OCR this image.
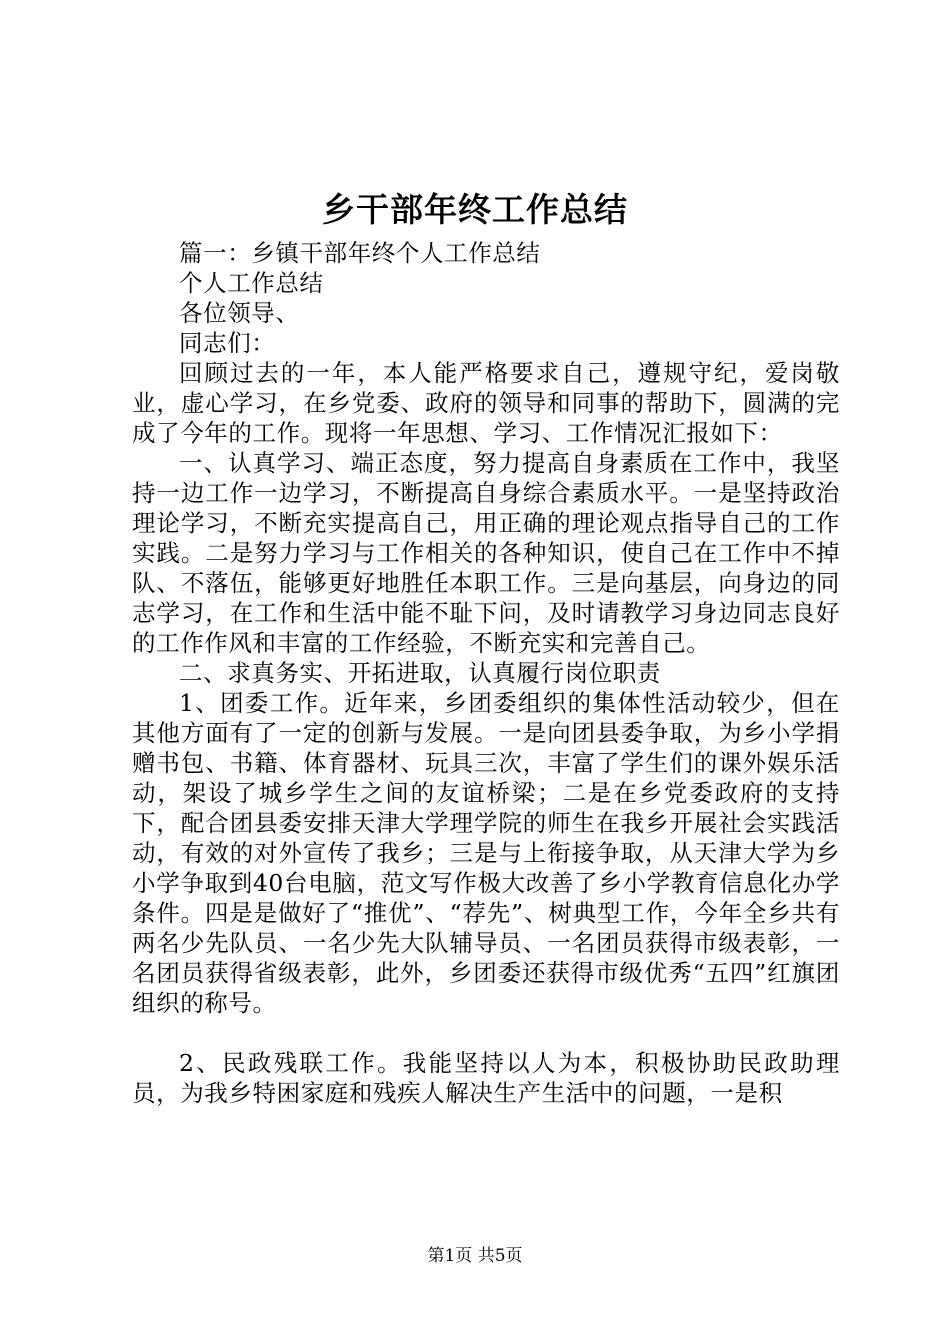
乡干部年终工作总结

篇一：乡镇干部年终个人工作总结

个人工作总结

各位领导、

同志们：

回顾过去的一年，本人能严格要求自己，遵规守纪，爱岗敬业，虚心学习，在乡党委、政府的领导和同事的帮助下，圆满的完成了今年的工作。现将一年思想、学习、工作情况汇报如下：

一、认真学习、端正态度，努力提高自身素质在工作中，我坚持一边工作一边学习，不断提高自身综合素质水平。一是坚持政治理论学习，不断充实提高自己，用正确的理论观点指导自己的工作实践。二是努力学习与工作相关的各种知识，使自己在工作中不掉队、不落伍，能够更好地胜任本职工作。三是向基层，向身边的同志学习，在工作和生活中能不耻下问，及时请教学习身边同志良好的工作作风和丰富的工作经验，不断充实和完善自己。

二、求真务实、开拓进取，认真履行岗位职责

1、团委工作。近年来，乡团委组织的集体性活动较少，但在其他方面有了一定的创新与发展。一是向团县委争取，为乡小学捐赠书包、书籍、体育器材、玩具三次，丰富了学生们的课外娱乐活动，架设了城乡学生之间的友谊桥梁；二是在乡党委政府的支持下，配合团县委安排天津大学理学院的师生在我乡开展社会实践活动，有效的对外宣传了我乡；三是与上衔接争取，从天津大学为乡小学争取到40台电脑，范文写作极大改善了乡小学教育信息化办学条件。四是是做好了“推优”、“荐先”、树典型工作，今年全乡共有两名少先队员、一名少先大队辅导员、一名团员获得市级表彰，一名团员获得省级表彰，此外，乡团委还获得市级优秀“五四”红旗团组织的称号。

2、民政残联工作。我能坚持以人为本，积极协助民政助理员，为我乡特困家庭和残疾人解决生产生活中的问题，一是积

第1页 共5页
